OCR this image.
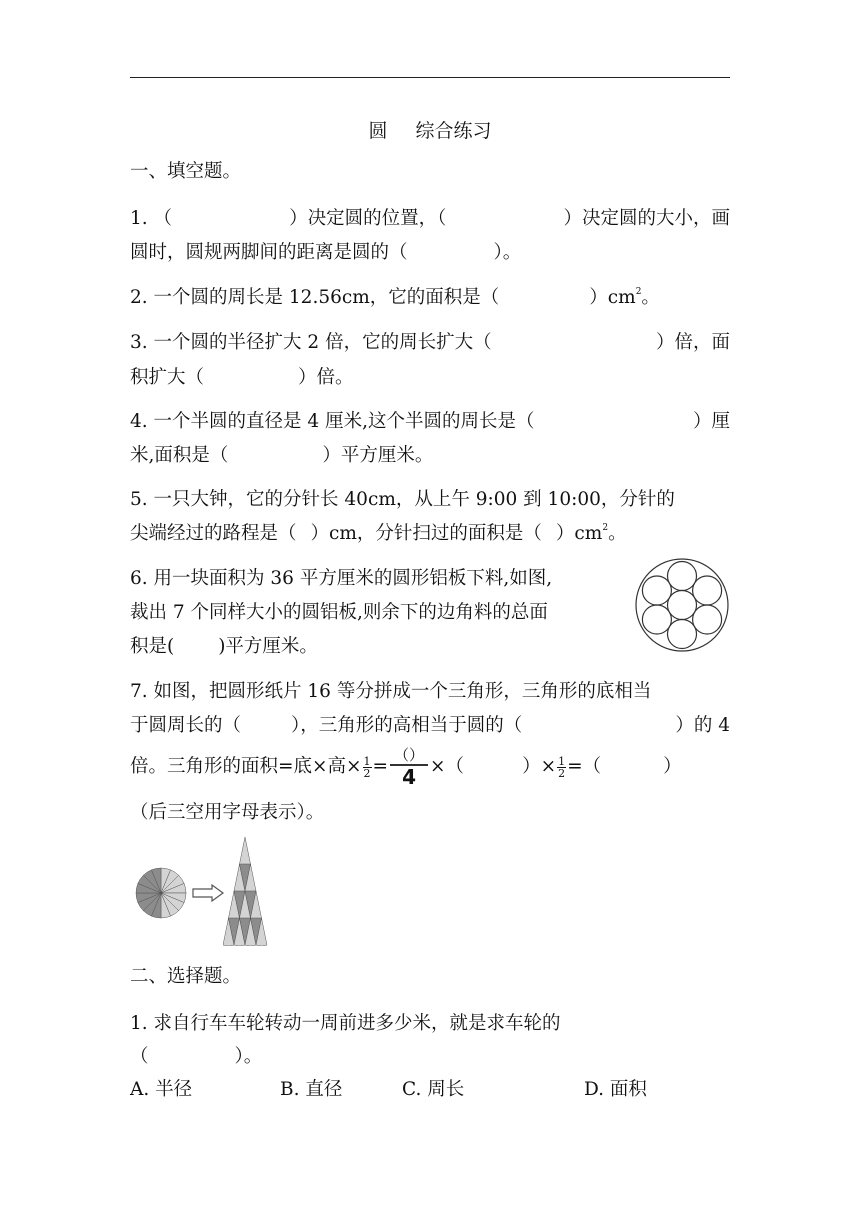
圆 综合练习
一、填空题。
1. （	）决定圆的位置，（	）决定圆的大小，画
圆时，圆规两脚间的距离是圆的（	）。
2. 一个圆的周长是 12.56cm，它的面积是（	）$cm^2$。
3. 一个圆的半径扩大 2 倍，它的周长扩大（	）倍，面
积扩大（	）倍。
4. 一个半圆的直径是 4 厘米,这个半圆的周长是（	）厘
米,面积是（	）平方厘米。
5. 一只大钟，它的分针长 40cm，从上午 9:00 到 10:00，分针的
尖端经过的路程是（ ）cm，分针扫过的面积是（ ）$cm^2$。
6. 用一块面积为 36 平方厘米的圆形铝板下料,如图,
裁出 7 个同样大小的圆铝板,则余下的边角料的总面
积是( )平方厘米。
7. 如图，把圆形纸片 16 等分拼成一个三角形，三角形的底相当
于圆周长的（	），三角形的高相当于圆的（	）的 4
倍。三角形的面积=底×高× $\frac{1}{2}$ =
（）
4 ×（	）× $\frac{1}{2}$ =（	）
（后三空用字母表示）。
二、选择题。
1. 求自行车车轮转动一周前进多少米，就是求车轮的
（	）。
A. 半径	B. 直径	C. 周长	D. 面积
